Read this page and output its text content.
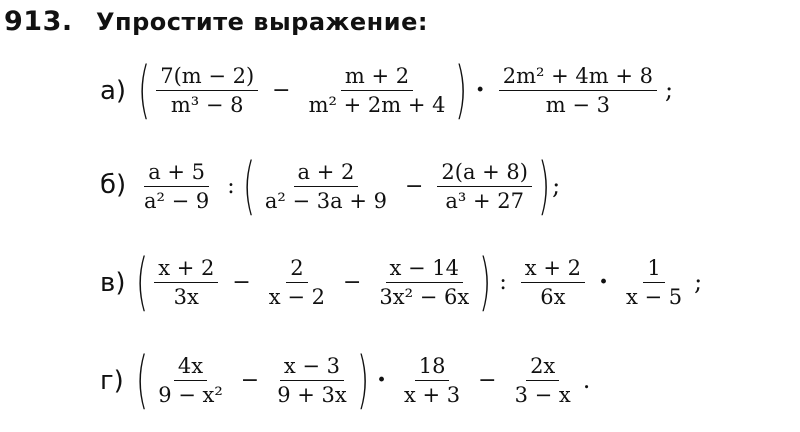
913. Упростите выражение:
а) ( $\frac{7(m - 2)}{\text{m³ − 8}} - \frac{m + 2}{\text{m² + 2m + 4}}$ ) · $\frac{\text{2m² + 4m + 8}}{m - 3}$ ;
$б) \frac{a + 5}{\text{a² − 9}}$ : ( $\frac{a + 2}{\text{a² − 3a + 9}} - \frac{2(a + 8)}{\text{a³ + 27}}$ ) ;
в) ( $\frac{x + 2}{3x} - \frac{2}{x - 2} - \frac{x - 14}{\text{3x² − 6x}}$ ) : $\frac{x + 2}{6x} \cdot \frac{1}{x - 5}$ ;
г) ( $\frac{4x}{\text{9 − x²}} - \frac{x - 3}{9 + 3x}$ ) · $\frac{18}{x + 3} - \frac{2x}{3 - x}$ .
